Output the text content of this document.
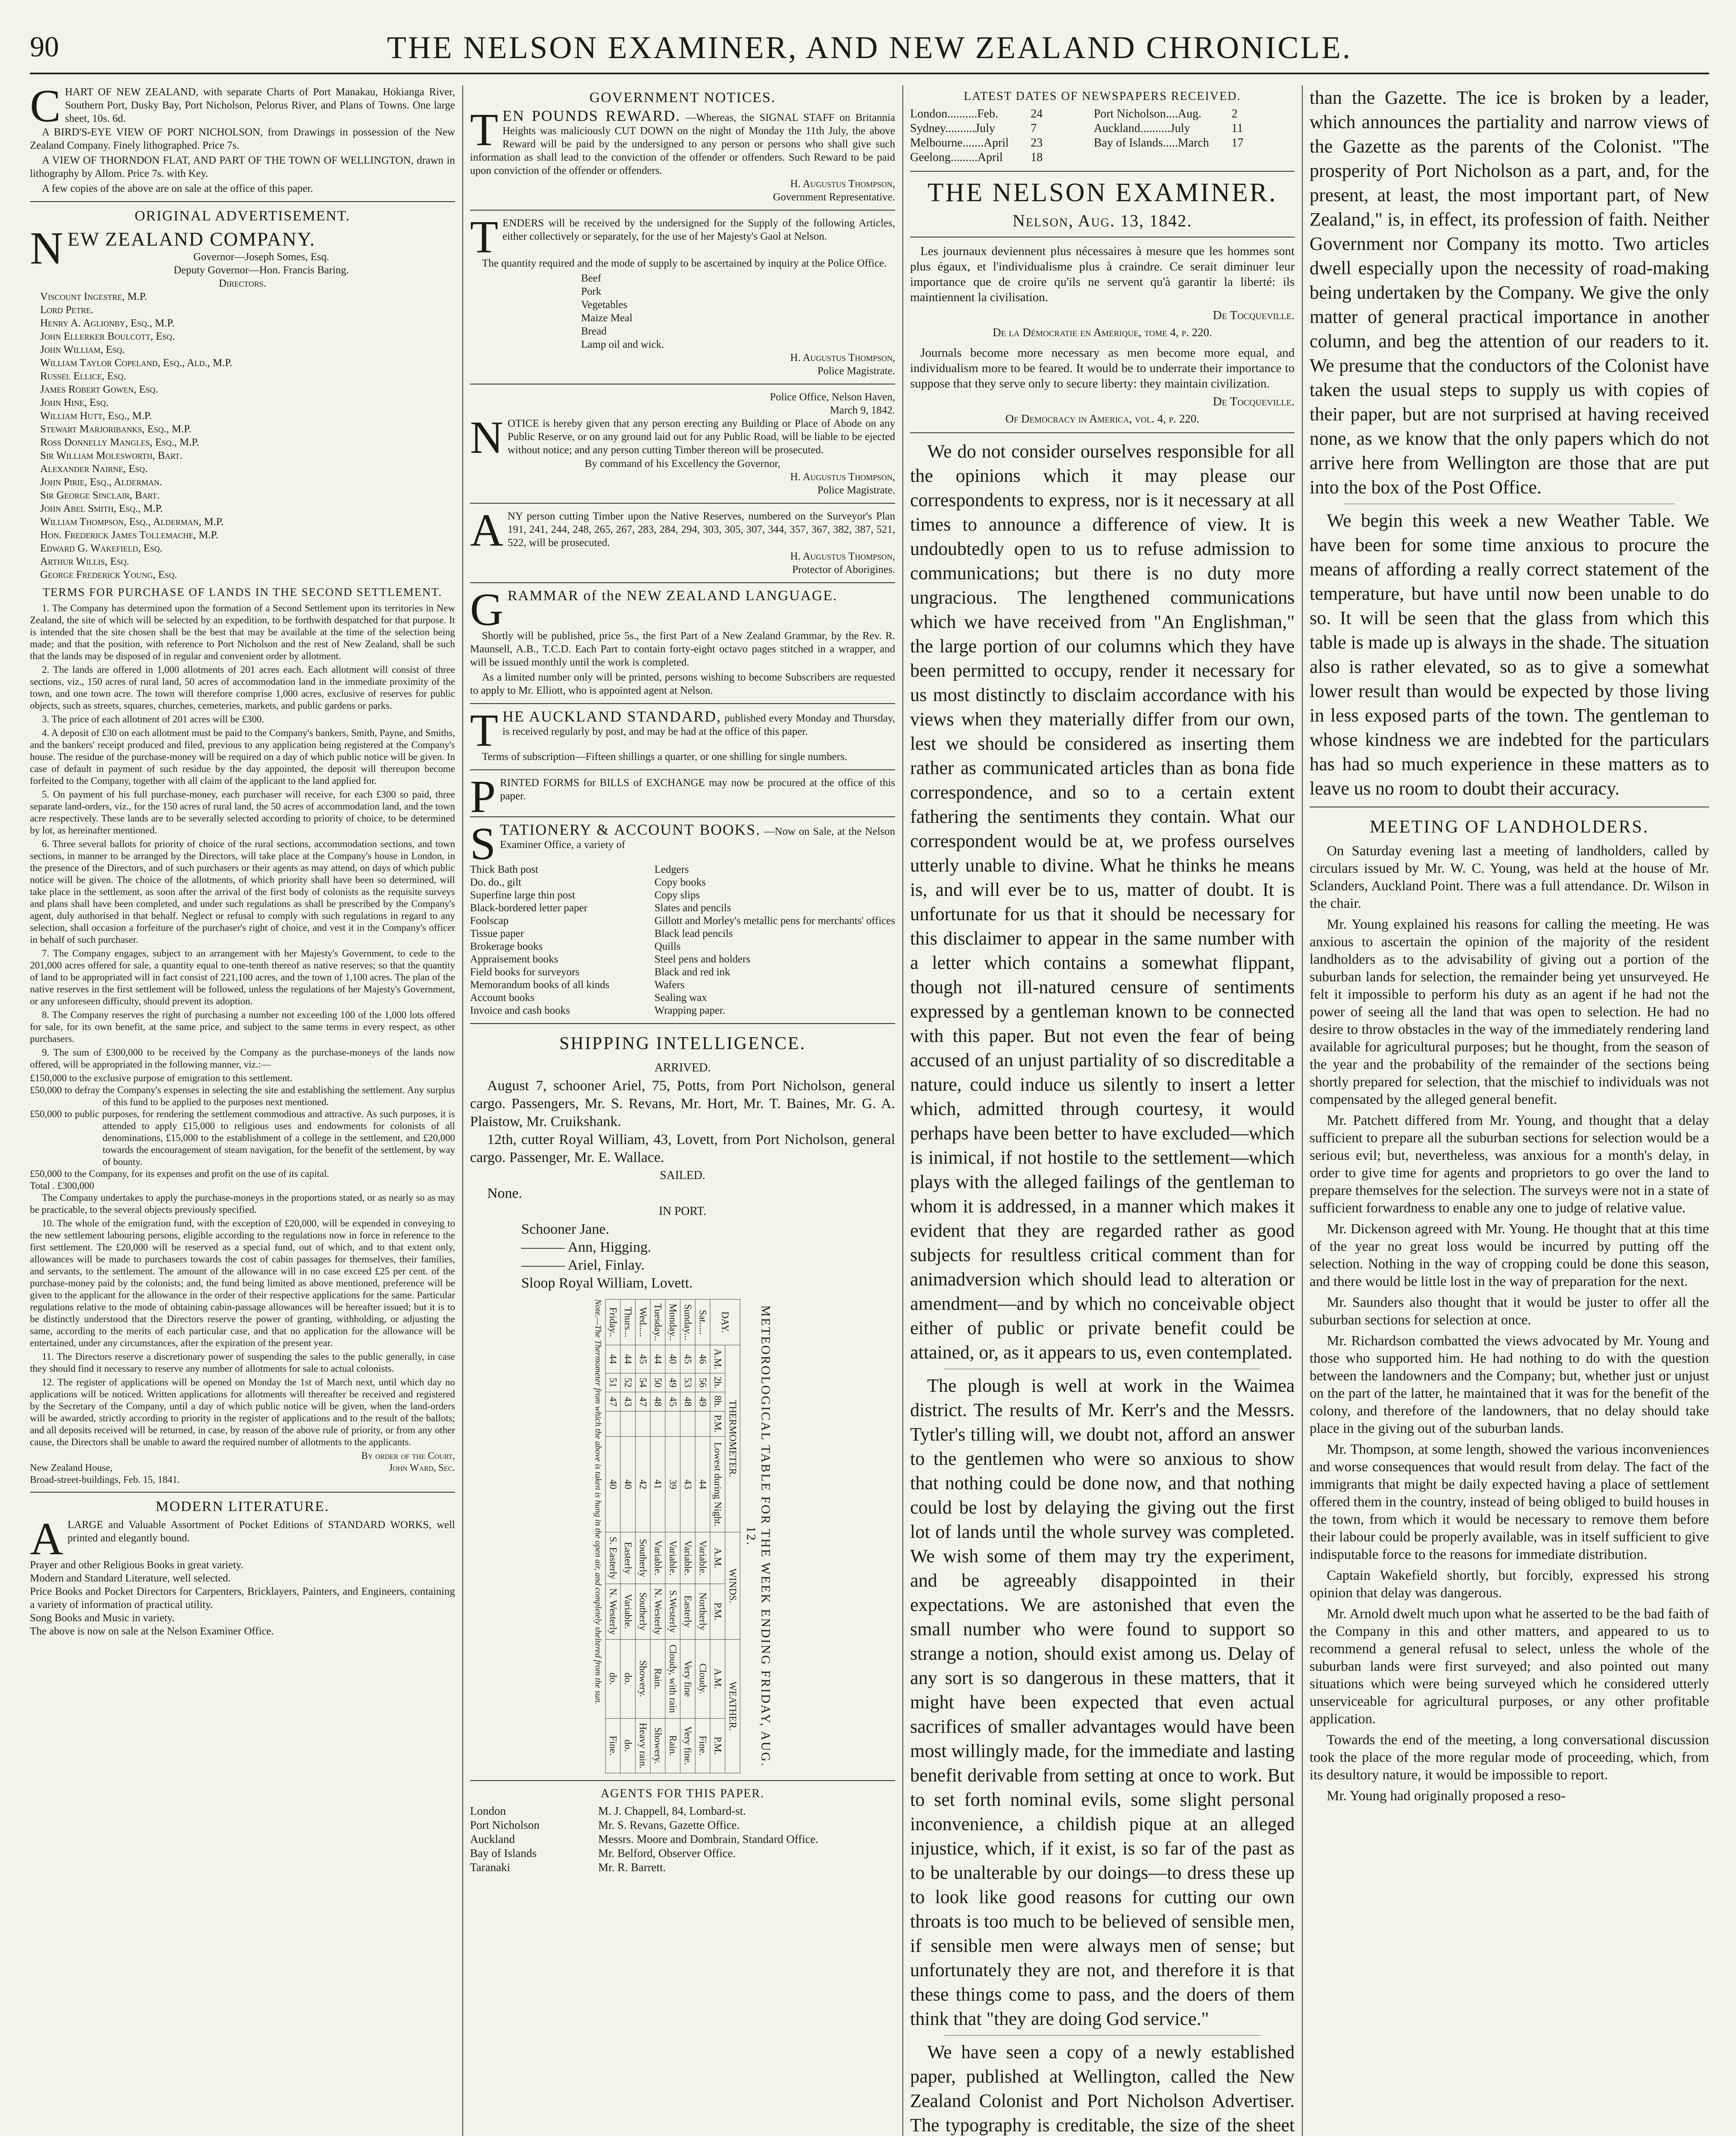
90	THE NELSON EXAMINER, AND NEW ZEALAND CHRONICLE.
C HART OF NEW ZEALAND, with separate Charts of Port Manakau, Hokianga River, Southern Port, Dusky Bay, Port Nicholson, Pelorus River, and Plans of Towns. One large sheet, 10s. 6d.

A BIRD'S-EYE VIEW OF PORT NICHOLSON, from Drawings in possession of the New Zealand Company. Finely lithographed. Price 7s.

A VIEW OF THORNDON FLAT, AND PART OF THE TOWN OF WELLINGTON, drawn in lithography by Allom. Price 7s. with Key.

A few copies of the above are on sale at the office of this paper.

ORIGINAL ADVERTISEMENT.
N EW ZEALAND COMPANY.
Governor—Joseph Somes, Esq.
Deputy Governor—Hon. Francis Baring.
Directors.
Viscount Ingestre, M.P.
Lord Petre.
Henry A. Aglionby, Esq., M.P.
John Ellerker Boulcott, Esq.
John William, Esq.
William Taylor Copeland, Esq., Ald., M.P.
Russel Ellice, Esq.
James Robert Gowen, Esq.
John Hine, Esq.
William Hutt, Esq., M.P.
Stewart Marjoribanks, Esq., M.P.
Ross Donnelly Mangles, Esq., M.P.
Sir William Molesworth, Bart.
Alexander Nairne, Esq.
John Pirie, Esq., Alderman.
Sir George Sinclair, Bart.
John Abel Smith, Esq., M.P.
William Thompson, Esq., Alderman, M.P.
Hon. Frederick James Tollemache, M.P.
Edward G. Wakefield, Esq.
Arthur Willis, Esq.
George Frederick Young, Esq.
TERMS FOR PURCHASE OF LANDS IN THE SECOND SETTLEMENT.

1. The Company has determined upon the formation of a Second Settlement upon its territories in New Zealand, the site of which will be selected by an expedition, to be forthwith despatched for that purpose. It is intended that the site chosen shall be the best that may be available at the time of the selection being made; and that the position, with reference to Port Nicholson and the rest of New Zealand, shall be such that the lands may be disposed of in regular and convenient order by allotment.

2. The lands are offered in 1,000 allotments of 201 acres each. Each allotment will consist of three sections, viz., 150 acres of rural land, 50 acres of accommodation land in the immediate proximity of the town, and one town acre. The town will therefore comprise 1,000 acres, exclusive of reserves for public objects, such as streets, squares, churches, cemeteries, markets, and public gardens or parks.

3. The price of each allotment of 201 acres will be £300.

4. A deposit of £30 on each allotment must be paid to the Company's bankers, Smith, Payne, and Smiths, and the bankers' receipt produced and filed, previous to any application being registered at the Company's house. The residue of the purchase-money will be required on a day of which public notice will be given. In case of default in payment of such residue by the day appointed, the deposit will thereupon become forfeited to the Company, together with all claim of the applicant to the land applied for.

5. On payment of his full purchase-money, each purchaser will receive, for each £300 so paid, three separate land-orders, viz., for the 150 acres of rural land, the 50 acres of accommodation land, and the town acre respectively. These lands are to be severally selected according to priority of choice, to be determined by lot, as hereinafter mentioned.

6. Three several ballots for priority of choice of the rural sections, accommodation sections, and town sections, in manner to be arranged by the Directors, will take place at the Company's house in London, in the presence of the Directors, and of such purchasers or their agents as may attend, on days of which public notice will be given. The choice of the allotments, of which priority shall have been so determined, will take place in the settlement, as soon after the arrival of the first body of colonists as the requisite surveys and plans shall have been completed, and under such regulations as shall be prescribed by the Company's agent, duly authorised in that behalf. Neglect or refusal to comply with such regulations in regard to any selection, shall occasion a forfeiture of the purchaser's right of choice, and vest it in the Company's officer in behalf of such purchaser.

7. The Company engages, subject to an arrangement with her Majesty's Government, to cede to the 201,000 acres offered for sale, a quantity equal to one-tenth thereof as native reserves; so that the quantity of land to be appropriated will in fact consist of 221,100 acres, and the town of 1,100 acres. The plan of the native reserves in the first settlement will be followed, unless the regulations of her Majesty's Government, or any unforeseen difficulty, should prevent its adoption.

8. The Company reserves the right of purchasing a number not exceeding 100 of the 1,000 lots offered for sale, for its own benefit, at the same price, and subject to the same terms in every respect, as other purchasers.

9. The sum of £300,000 to be received by the Company as the purchase-moneys of the lands now offered, will be appropriated in the following manner, viz.:—

£150,000 to the exclusive purpose of emigration to this settlement.
£50,000 to defray the Company's expenses in selecting the site and establishing the settlement. Any surplus of this fund to be applied to the purposes next mentioned.
£50,000 to public purposes, for rendering the settlement commodious and attractive. As such purposes, it is attended to apply £15,000 to religious uses and endowments for colonists of all denominations, £15,000 to the establishment of a college in the settlement, and £20,000 towards the encouragement of steam navigation, for the benefit of the settlement, by way of bounty.
£50,000 to the Company, for its expenses and profit on the use of its capital.
Total . £300,000

The Company undertakes to apply the purchase-moneys in the proportions stated, or as nearly so as may be practicable, to the several objects previously specified.

10. The whole of the emigration fund, with the exception of £20,000, will be expended in conveying to the new settlement labouring persons, eligible according to the regulations now in force in reference to the first settlement. The £20,000 will be reserved as a special fund, out of which, and to that extent only, allowances will be made to purchasers towards the cost of cabin passages for themselves, their families, and servants, to the settlement. The amount of the allowance will in no case exceed £25 per cent. of the purchase-money paid by the colonists; and, the fund being limited as above mentioned, preference will be given to the applicant for the allowance in the order of their respective applications for the same. Particular regulations relative to the mode of obtaining cabin-passage allowances will be hereafter issued; but it is to be distinctly understood that the Directors reserve the power of granting, withholding, or adjusting the same, according to the merits of each particular case, and that no application for the allowance will be entertained, under any circumstances, after the expiration of the present year.

11. The Directors reserve a discretionary power of suspending the sales to the public generally, in case they should find it necessary to reserve any number of allotments for sale to actual colonists.

12. The register of applications will be opened on Monday the 1st of March next, until which day no applications will be noticed. Written applications for allotments will thereafter be received and registered by the Secretary of the Company, until a day of which public notice will be given, when the land-orders will be awarded, strictly according to priority in the register of applications and to the result of the ballots; and all deposits received will be returned, in case, by reason of the above rule of priority, or from any other cause, the Directors shall be unable to award the required number of allotments to the applicants.

By order of the Court,
New Zealand House,	John Ward, Sec.
Broad-street-buildings, Feb. 15, 1841.
MODERN LITERATURE.
A LARGE and Valuable Assortment of Pocket Editions of STANDARD WORKS, well printed and elegantly bound.
Prayer and other Religious Books in great variety.
Modern and Standard Literature, well selected.
Price Books and Pocket Directors for Carpenters, Bricklayers, Painters, and Engineers, containing a variety of information of practical utility.
Song Books and Music in variety.
The above is now on sale at the Nelson Examiner Office.
GOVERNMENT NOTICES.
T EN POUNDS REWARD. —Whereas, the SIGNAL STAFF on Britannia Heights was maliciously CUT DOWN on the night of Monday the 11th July, the above Reward will be paid by the undersigned to any person or persons who shall give such information as shall lead to the conviction of the offender or offenders. Such Reward to be paid upon conviction of the offender or offenders.
H. Augustus Thompson,
Government Representative.
T ENDERS will be received by the undersigned for the Supply of the following Articles, either collectively or separately, for the use of her Majesty's Gaol at Nelson.

The quantity required and the mode of supply to be ascertained by inquiry at the Police Office.

Beef
Pork
Vegetables
Maize Meal
Bread
Lamp oil and wick.
H. Augustus Thompson,
Police Magistrate.
Police Office, Nelson Haven,
March 9, 1842.
N OTICE is hereby given that any person erecting any Building or Place of Abode on any Public Reserve, or on any ground laid out for any Public Road, will be liable to be ejected without notice; and any person cutting Timber thereon will be prosecuted.
By command of his Excellency the Governor,
H. Augustus Thompson,
Police Magistrate.
A NY person cutting Timber upon the Native Reserves, numbered on the Surveyor's Plan 191, 241, 244, 248, 265, 267, 283, 284, 294, 303, 305, 307, 344, 357, 367, 382, 387, 521, 522, will be prosecuted.
H. Augustus Thompson,
Protector of Aborigines.
G RAMMAR of the NEW ZEALAND LANGUAGE.

Shortly will be published, price 5s., the first Part of a New Zealand Grammar, by the Rev. R. Maunsell, A.B., T.C.D. Each Part to contain forty-eight octavo pages stitched in a wrapper, and will be issued monthly until the work is completed.

As a limited number only will be printed, persons wishing to become Subscribers are requested to apply to Mr. Elliott, who is appointed agent at Nelson.

T HE AUCKLAND STANDARD, published every Monday and Thursday, is received regularly by post, and may be had at the office of this paper.

Terms of subscription—Fifteen shillings a quarter, or one shilling for single numbers.

P RINTED FORMS for BILLS of EXCHANGE may now be procured at the office of this paper.
S TATIONERY & ACCOUNT BOOKS. —Now on Sale, at the Nelson Examiner Office, a variety of
Thick Bath post
Do. do., gilt
Superfine large thin post
Black-bordered letter paper
Foolscap
Tissue paper
Brokerage books
Appraisement books
Field books for surveyors
Memorandum books of all kinds
Account books
Invoice and cash books
Ledgers
Copy books
Copy slips
Slates and pencils
Gillott and Morley's metallic pens for merchants' offices
Black lead pencils
Quills
Steel pens and holders
Black and red ink
Wafers
Sealing wax
Wrapping paper.
SHIPPING INTELLIGENCE.
ARRIVED.

August 7, schooner Ariel, 75, Potts, from Port Nicholson, general cargo. Passengers, Mr. S. Revans, Mr. Hort, Mr. T. Baines, Mr. G. A. Plaistow, Mr. Cruikshank.

12th, cutter Royal William, 43, Lovett, from Port Nicholson, general cargo. Passenger, Mr. E. Wallace.

SAILED.
None.
IN PORT.
Schooner Jane.
——— Ann, Higging.
——— Ariel, Finlay.
Sloop Royal William, Lovett.
METEOROLOGICAL TABLE FOR THE WEEK ENDING FRIDAY, AUG. 12.
DAY.	THERMOMETER.					WINDS.		WEATHER.	
	A.M.	2h.	8h.	P.M.	Lowest during Night.	A.M.	P.M.	A.M.	P.M.
Sat.....	46	56	49		44	Variable.	Northerly	Cloudy.	Fine.
Sunday...	45	53	48		43	Variable.	Easterly	Very fine	Very fine.
Monday..	40	49	45		39	Variable.	S.Westerly	Cloudy, with rain	Rain.
Tuesday..	44	50	48		41	Variable.	N. Westerly	Rain.	Showery.
Wed.....	45	54	47		42	Southerly	Southerly	Showery.	Heavy rain.
Thurs...	44	52	43		40	Easterly	Variable.	do.	do.
Friday..	44	51	47		40	S. Easterly	N. Westerly	do.	Fine.
Note.—The Thermometer from which the above is taken is hung in the open air, and completely sheltered from the sun.
AGENTS FOR THIS PAPER.
London	M. J. Chappell, 84, Lombard-st.
Port Nicholson	Mr. S. Revans, Gazette Office.
Auckland	Messrs. Moore and Dombrain, Standard Office.
Bay of Islands	Mr. Belford, Observer Office.
Taranaki	Mr. R. Barrett.
LATEST DATES OF NEWSPAPERS RECEIVED.
London..........Feb.	24	Port Nicholson....Aug.	2
Sydney..........July	7	Auckland..........July	11
Melbourne.......April	23	Bay of Islands.....March	17
Geelong.........April	18
THE NELSON EXAMINER.
Nelson, Aug. 13, 1842.

Les journaux deviennent plus nécessaires à mesure que les hommes sont plus égaux, et l'individualisme plus à craindre. Ce serait diminuer leur importance que de croire qu'ils ne servent qu'à garantir la liberté: ils maintiennent la civilisation.

De Tocqueville.
De la Démocratie en Amerique, tome 4, p. 220.

Journals become more necessary as men become more equal, and individualism more to be feared. It would be to underrate their importance to suppose that they serve only to secure liberty: they maintain civilization.

De Tocqueville.
Of Democracy in America, vol. 4, p. 220.

We do not consider ourselves responsible for all the opinions which it may please our correspondents to express, nor is it necessary at all times to announce a difference of view. It is undoubtedly open to us to refuse admission to communications; but there is no duty more ungracious. The lengthened communications which we have received from "An Englishman," the large portion of our columns which they have been permitted to occupy, render it necessary for us most distinctly to disclaim accordance with his views when they materially differ from our own, lest we should be considered as inserting them rather as communicated articles than as bona fide correspondence, and so to a certain extent fathering the sentiments they contain. What our correspondent would be at, we profess ourselves utterly unable to divine. What he thinks he means is, and will ever be to us, matter of doubt. It is unfortunate for us that it should be necessary for this disclaimer to appear in the same number with a letter which contains a somewhat flippant, though not ill-natured censure of sentiments expressed by a gentleman known to be connected with this paper. But not even the fear of being accused of an unjust partiality of so discreditable a nature, could induce us silently to insert a letter which, admitted through courtesy, it would perhaps have been better to have excluded—which is inimical, if not hostile to the settlement—which plays with the alleged failings of the gentleman to whom it is addressed, in a manner which makes it evident that they are regarded rather as good subjects for resultless critical comment than for animadversion which should lead to alteration or amendment—and by which no conceivable object either of public or private benefit could be attained, or, as it appears to us, even contemplated.

The plough is well at work in the Waimea district. The results of Mr. Kerr's and the Messrs. Tytler's tilling will, we doubt not, afford an answer to the gentlemen who were so anxious to show that nothing could be done now, and that nothing could be lost by delaying the giving out the first lot of lands until the whole survey was completed. We wish some of them may try the experiment, and be agreeably disappointed in their expectations. We are astonished that even the small number who were found to support so strange a notion, should exist among us. Delay of any sort is so dangerous in these matters, that it might have been expected that even actual sacrifices of smaller advantages would have been most willingly made, for the immediate and lasting benefit derivable from setting at once to work. But to set forth nominal evils, some slight personal inconvenience, a childish pique at an alleged injustice, which, if it exist, is so far of the past as to be unalterable by our doings—to dress these up to look like good reasons for cutting our own throats is too much to be believed of sensible men, if sensible men were always men of sense; but unfortunately they are not, and therefore it is that these things come to pass, and the doers of them think that "they are doing God service."

We have seen a copy of a newly established paper, published at Wellington, called the New Zealand Colonist and Port Nicholson Advertiser. The typography is creditable, the size of the sheet

than the Gazette. The ice is broken by a leader, which announces the partiality and narrow views of the Gazette as the parents of the Colonist. "The prosperity of Port Nicholson as a part, and, for the present, at least, the most important part, of New Zealand," is, in effect, its profession of faith. Neither Government nor Company its motto. Two articles dwell especially upon the necessity of road-making being undertaken by the Company. We give the only matter of general practical importance in another column, and beg the attention of our readers to it. We presume that the conductors of the Colonist have taken the usual steps to supply us with copies of their paper, but are not surprised at having received none, as we know that the only papers which do not arrive here from Wellington are those that are put into the box of the Post Office.

We begin this week a new Weather Table. We have been for some time anxious to procure the means of affording a really correct statement of the temperature, but have until now been unable to do so. It will be seen that the glass from which this table is made up is always in the shade. The situation also is rather elevated, so as to give a somewhat lower result than would be expected by those living in less exposed parts of the town. The gentleman to whose kindness we are indebted for the particulars has had so much experience in these matters as to leave us no room to doubt their accuracy.

MEETING OF LANDHOLDERS.

On Saturday evening last a meeting of landholders, called by circulars issued by Mr. W. C. Young, was held at the house of Mr. Sclanders, Auckland Point. There was a full attendance. Dr. Wilson in the chair.

Mr. Young explained his reasons for calling the meeting. He was anxious to ascertain the opinion of the majority of the resident landholders as to the advisability of giving out a portion of the suburban lands for selection, the remainder being yet unsurveyed. He felt it impossible to perform his duty as an agent if he had not the power of seeing all the land that was open to selection. He had no desire to throw obstacles in the way of the immediately rendering land available for agricultural purposes; but he thought, from the season of the year and the probability of the remainder of the sections being shortly prepared for selection, that the mischief to individuals was not compensated by the alleged general benefit.

Mr. Patchett differed from Mr. Young, and thought that a delay sufficient to prepare all the suburban sections for selection would be a serious evil; but, nevertheless, was anxious for a month's delay, in order to give time for agents and proprietors to go over the land to prepare themselves for the selection. The surveys were not in a state of sufficient forwardness to enable any one to judge of relative value.

Mr. Dickenson agreed with Mr. Young. He thought that at this time of the year no great loss would be incurred by putting off the selection. Nothing in the way of cropping could be done this season, and there would be little lost in the way of preparation for the next.

Mr. Saunders also thought that it would be juster to offer all the suburban sections for selection at once.

Mr. Richardson combatted the views advocated by Mr. Young and those who supported him. He had nothing to do with the question between the landowners and the Company; but, whether just or unjust on the part of the latter, he maintained that it was for the benefit of the colony, and therefore of the landowners, that no delay should take place in the giving out of the suburban lands.

Mr. Thompson, at some length, showed the various inconveniences and worse consequences that would result from delay. The fact of the immigrants that might be daily expected having a place of settlement offered them in the country, instead of being obliged to build houses in the town, from which it would be necessary to remove them before their labour could be properly available, was in itself sufficient to give indisputable force to the reasons for immediate distribution.

Captain Wakefield shortly, but forcibly, expressed his strong opinion that delay was dangerous.

Mr. Arnold dwelt much upon what he asserted to be the bad faith of the Company in this and other matters, and appeared to us to recommend a general refusal to select, unless the whole of the suburban lands were first surveyed; and also pointed out many situations which were being surveyed which he considered utterly unserviceable for agricultural purposes, or any other profitable application.

Towards the end of the meeting, a long conversational discussion took the place of the more regular mode of proceeding, which, from its desultory nature, it would be impossible to report.

Mr. Young had originally proposed a reso-
